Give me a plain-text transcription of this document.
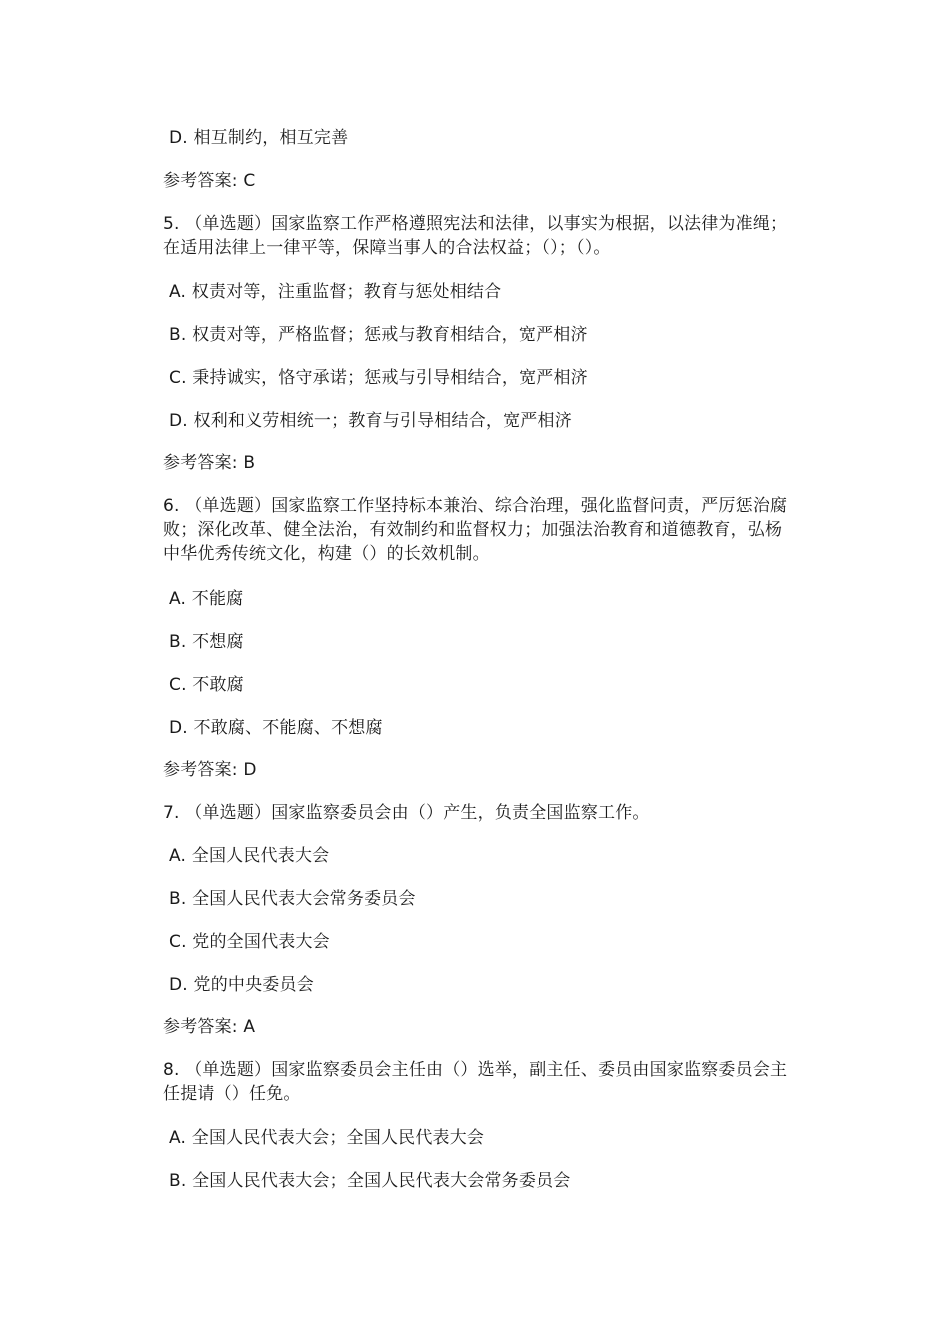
D. 相互制约，相互完善
参考答案: C
5. （单选题）国家监察工作严格遵照宪法和法律，以事实为根据，以法律为准绳；在适用法律上一律平等，保障当事人的合法权益；（）；（）。
A. 权责对等，注重监督；教育与惩处相结合
B. 权责对等，严格监督；惩戒与教育相结合，宽严相济
C. 秉持诚实，恪守承诺；惩戒与引导相结合，宽严相济
D. 权利和义劳相统一；教育与引导相结合，宽严相济
参考答案: B
6. （单选题）国家监察工作坚持标本兼治、综合治理，强化监督问责，严厉惩治腐败；深化改革、健全法治，有效制约和监督权力；加强法治教育和道德教育，弘杨中华优秀传统文化，构建（）的长效机制。
A. 不能腐
B. 不想腐
C. 不敢腐
D. 不敢腐、不能腐、不想腐
参考答案: D
7. （单选题）国家监察委员会由（）产生，负责全国监察工作。
A. 全国人民代表大会
B. 全国人民代表大会常务委员会
C. 党的全国代表大会
D. 党的中央委员会
参考答案: A
8. （单选题）国家监察委员会主任由（）选举，副主任、委员由国家监察委员会主任提请（）任免。
A. 全国人民代表大会；全国人民代表大会
B. 全国人民代表大会；全国人民代表大会常务委员会
